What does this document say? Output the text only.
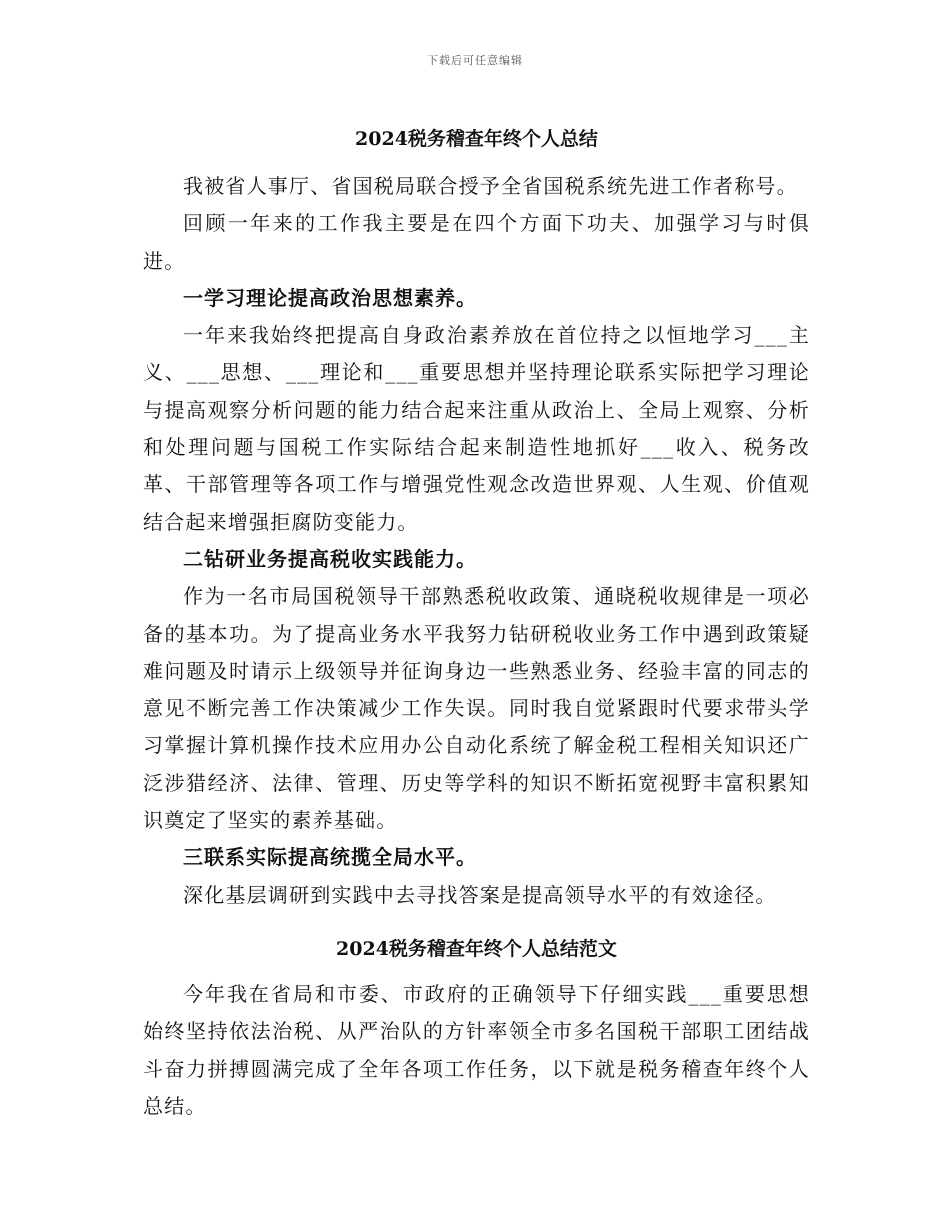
下载后可任意编辑
2024税务稽查年终个人总结

我被省人事厅、省国税局联合授予全省国税系统先进工作者称号。

回顾一年来的工作我主要是在四个方面下功夫、加强学习与时俱进。

一学习理论提高政治思想素养。

一年来我始终把提高自身政治素养放在首位持之以恒地学习___主义、___思想、___理论和___重要思想并坚持理论联系实际把学习理论与提高观察分析问题的能力结合起来注重从政治上、全局上观察、分析和处理问题与国税工作实际结合起来制造性地抓好___收入、税务改革、干部管理等各项工作与增强党性观念改造世界观、人生观、价值观结合起来增强拒腐防变能力。

二钻研业务提高税收实践能力。

作为一名市局国税领导干部熟悉税收政策、通晓税收规律是一项必备的基本功。为了提高业务水平我努力钻研税收业务工作中遇到政策疑难问题及时请示上级领导并征询身边一些熟悉业务、经验丰富的同志的意见不断完善工作决策减少工作失误。同时我自觉紧跟时代要求带头学习掌握计算机操作技术应用办公自动化系统了解金税工程相关知识还广泛涉猎经济、法律、管理、历史等学科的知识不断拓宽视野丰富积累知识奠定了坚实的素养基础。

三联系实际提高统揽全局水平。

深化基层调研到实践中去寻找答案是提高领导水平的有效途径。

2024税务稽查年终个人总结范文

今年我在省局和市委、市政府的正确领导下仔细实践___重要思想始终坚持依法治税、从严治队的方针率领全市多名国税干部职工团结战斗奋力拼搏圆满完成了全年各项工作任务，以下就是税务稽查年终个人总结。
